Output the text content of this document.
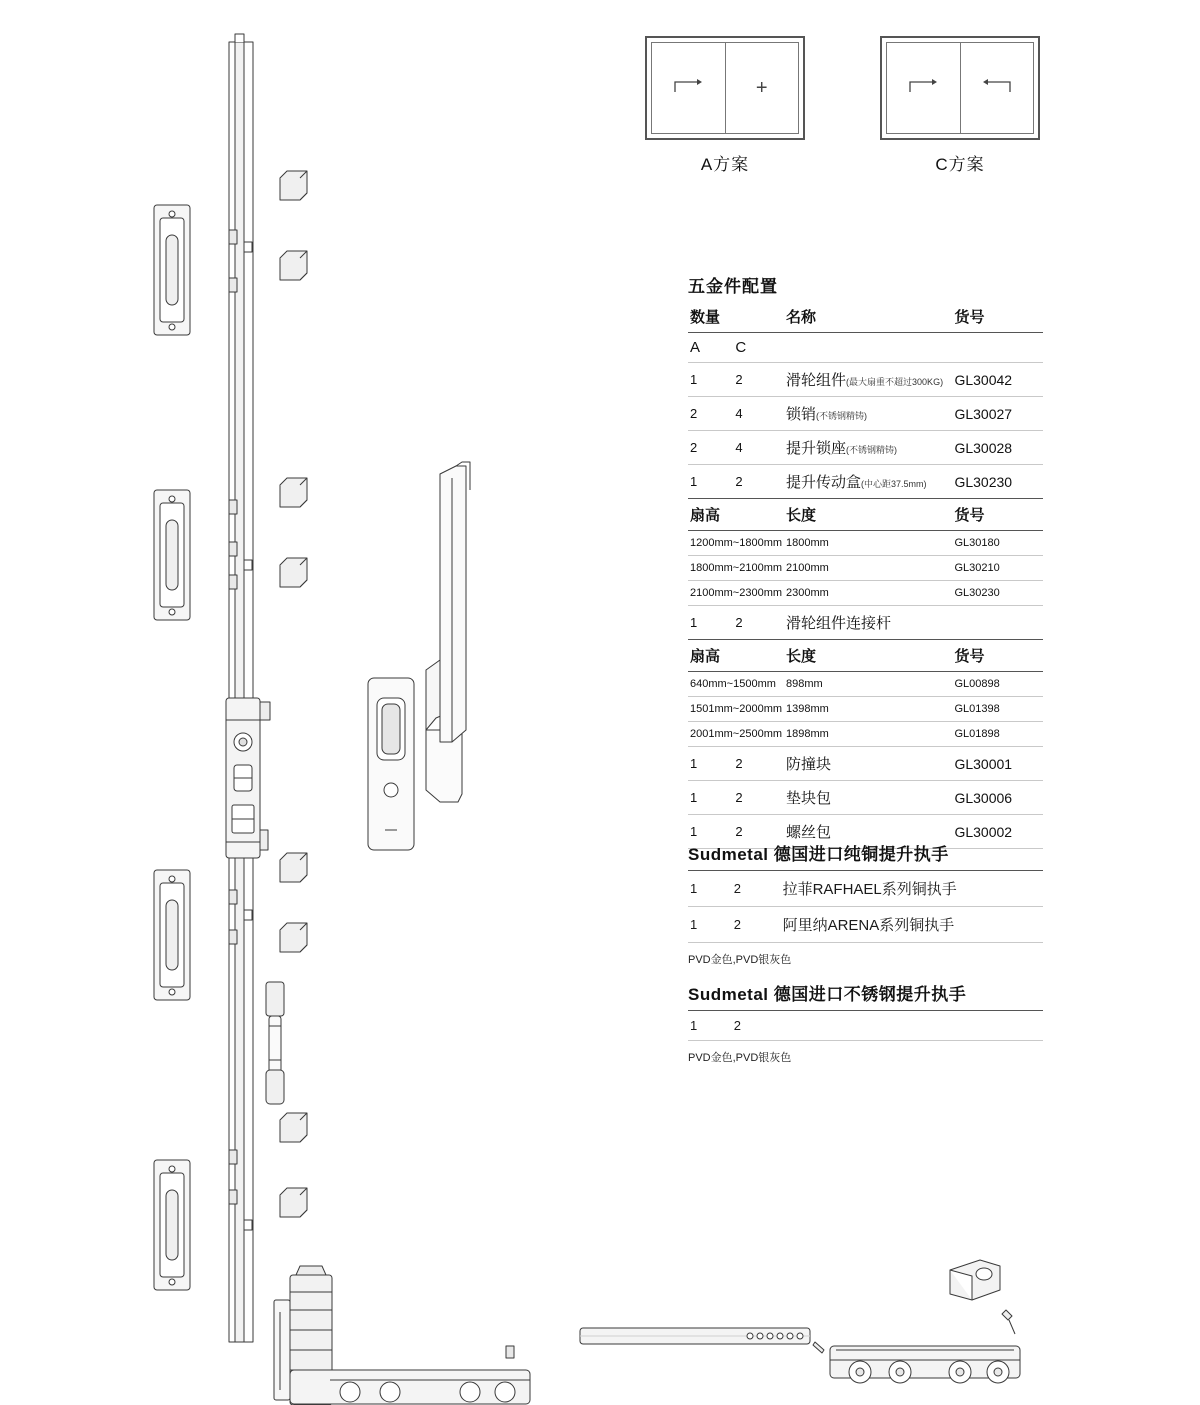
+
A方案	C方案
五金件配置
数量		名称	货号
A	C		
1	2	滑轮组件(最大扇重不超过300KG)	GL30042
2	4	锁销(不锈钢精铸)	GL30027
2	4	提升锁座(不锈钢精铸)	GL30028
1	2	提升传动盒(中心距37.5mm)	GL30230
扇高		长度	货号
1200mm~1800mm		1800mm	GL30180
1800mm~2100mm		2100mm	GL30210
2100mm~2300mm		2300mm	GL30230
1	2	滑轮组件连接杆	
扇高		长度	货号
640mm~1500mm		898mm	GL00898
1501mm~2000mm		1398mm	GL01398
2001mm~2500mm		1898mm	GL01898
1	2	防撞块	GL30001
1	2	垫块包	GL30006
1	2	螺丝包	GL30002
Sudmetal 德国进口纯铜提升执手
1	2	拉菲RAFHAEL系列铜执手
1	2	阿里纳ARENA系列铜执手
PVD金色,PVD银灰色
Sudmetal 德国进口不锈钢提升执手
1	2	
PVD金色,PVD银灰色
